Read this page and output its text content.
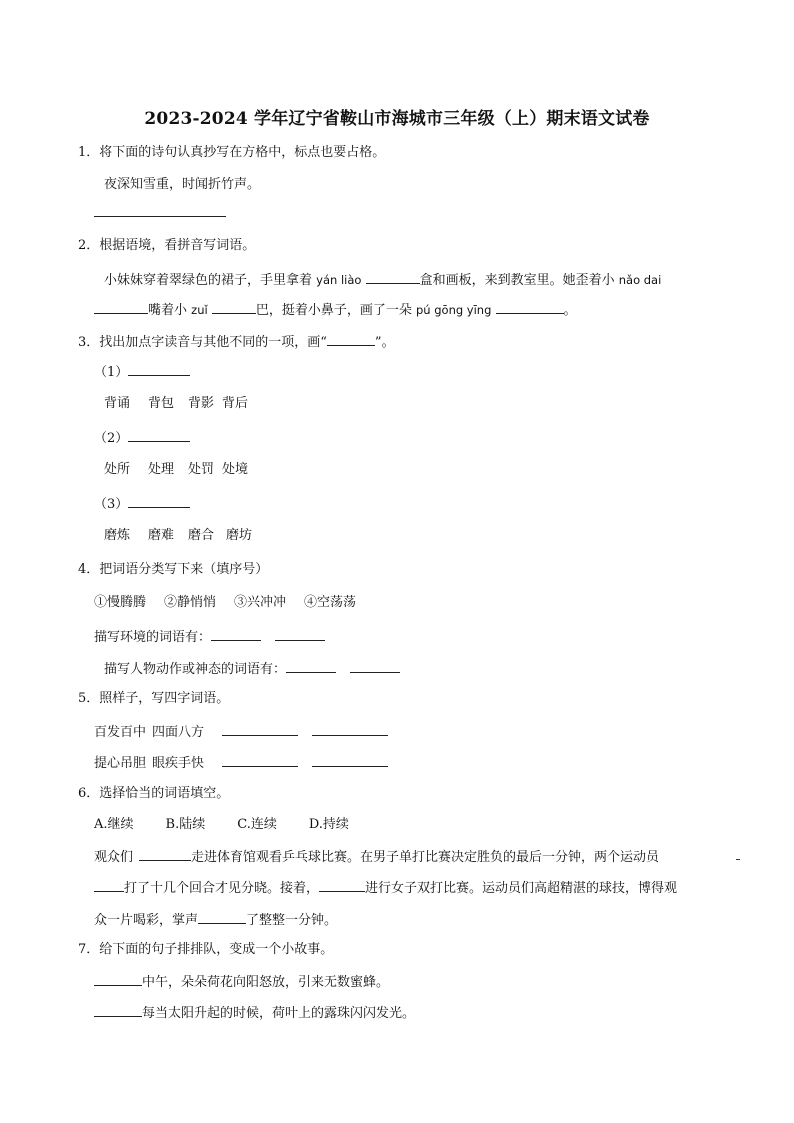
2023-2024 学年辽宁省鞍山市海城市三年级（上）期末语文试卷
1．将下面的诗句认真抄写在方格中，标点也要占格。
夜深知雪重，时闻折竹声。
2．根据语境，看拼音写词语。
小妹妹穿着翠绿色的裙子，手里拿着 yán liào	盒和画板，来到教室里。她歪着小 nǎo dai
嘴着小 zuǐ	巴，挺着小鼻子，画了一朵 pú gōng yīng	。
3．找出加点字读音与其他不同的一项，画“	”。
（1）
背诵 背包 背影 背后
（2）
处所 处理 处罚 处境
（3）
磨炼 磨难 磨合 磨坊
4．把词语分类写下来（填序号）
①慢腾腾 ②静悄悄 ③兴冲冲 ④空荡荡
描写环境的词语有：
描写人物动作或神态的词语有：
5．照样子，写四字词语。
百发百中 四面八方
提心吊胆 眼疾手快
6．选择恰当的词语填空。
A.继续 B.陆续 C.连续 D.持续
观众们	走进体育馆观看乒乓球比赛。在男子单打比赛决定胜负的最后一分钟，两个运动员
打了十几个回合才见分晓。接着，	进行女子双打比赛。运动员们高超精湛的球技，博得观
众一片喝彩，掌声	了整整一分钟。
7．给下面的句子排排队，变成一个小故事。
中午，朵朵荷花向阳怒放，引来无数蜜蜂。
每当太阳升起的时候，荷叶上的露珠闪闪发光。
